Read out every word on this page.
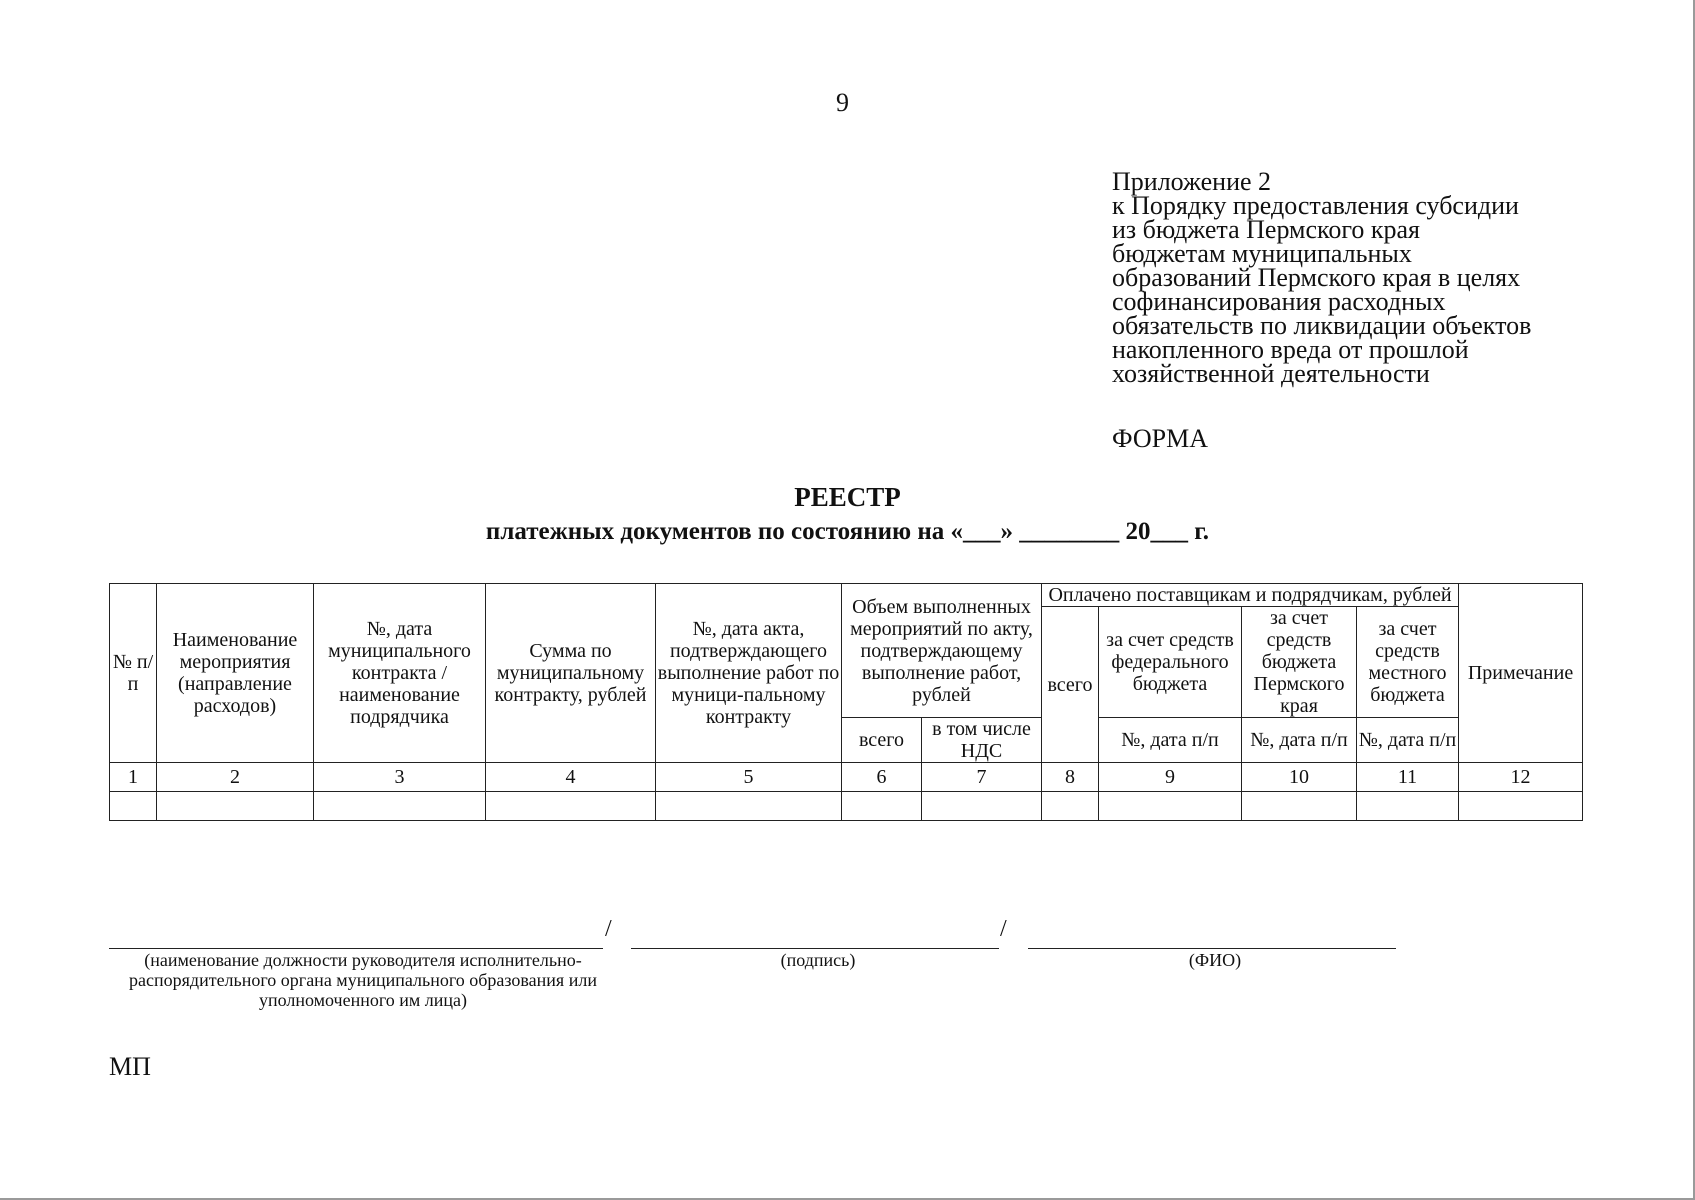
9
Приложение 2
к Порядку предоставления субсидии
из бюджета Пермского края
бюджетам муниципальных
образований Пермского края в целях
софинансирования расходных
обязательств по ликвидации объектов
накопленного вреда от прошлой
хозяйственной деятельности
ФОРМА
РЕЕСТР
платежных документов по состоянию на «___» ________ 20___ г.
№ п/п	Наименование мероприятия (направление расходов)	№, дата муниципального контракта / наименование подрядчика	Сумма по муниципальному контракту, рублей	№, дата акта, подтверждающего выполнение работ по муници-пальному контракту	Объем выполненных мероприятий по акту, подтверждающему выполнение работ, рублей		Оплачено поставщикам и подрядчикам, рублей				Примечание
							всего	за счет средств федерального бюджета	за счет средств бюджета Пермского края	за счет средств местного бюджета	
					всего	в том числе НДС		№, дата п/п	№, дата п/п	№, дата п/п	
1	2	3	4	5	6	7	8	9	10	11	12

/	/
(наименование должности руководителя исполнительно-распорядительного органа муниципального образования или уполномоченного им лица)
(подпись)	(ФИО)
МП
